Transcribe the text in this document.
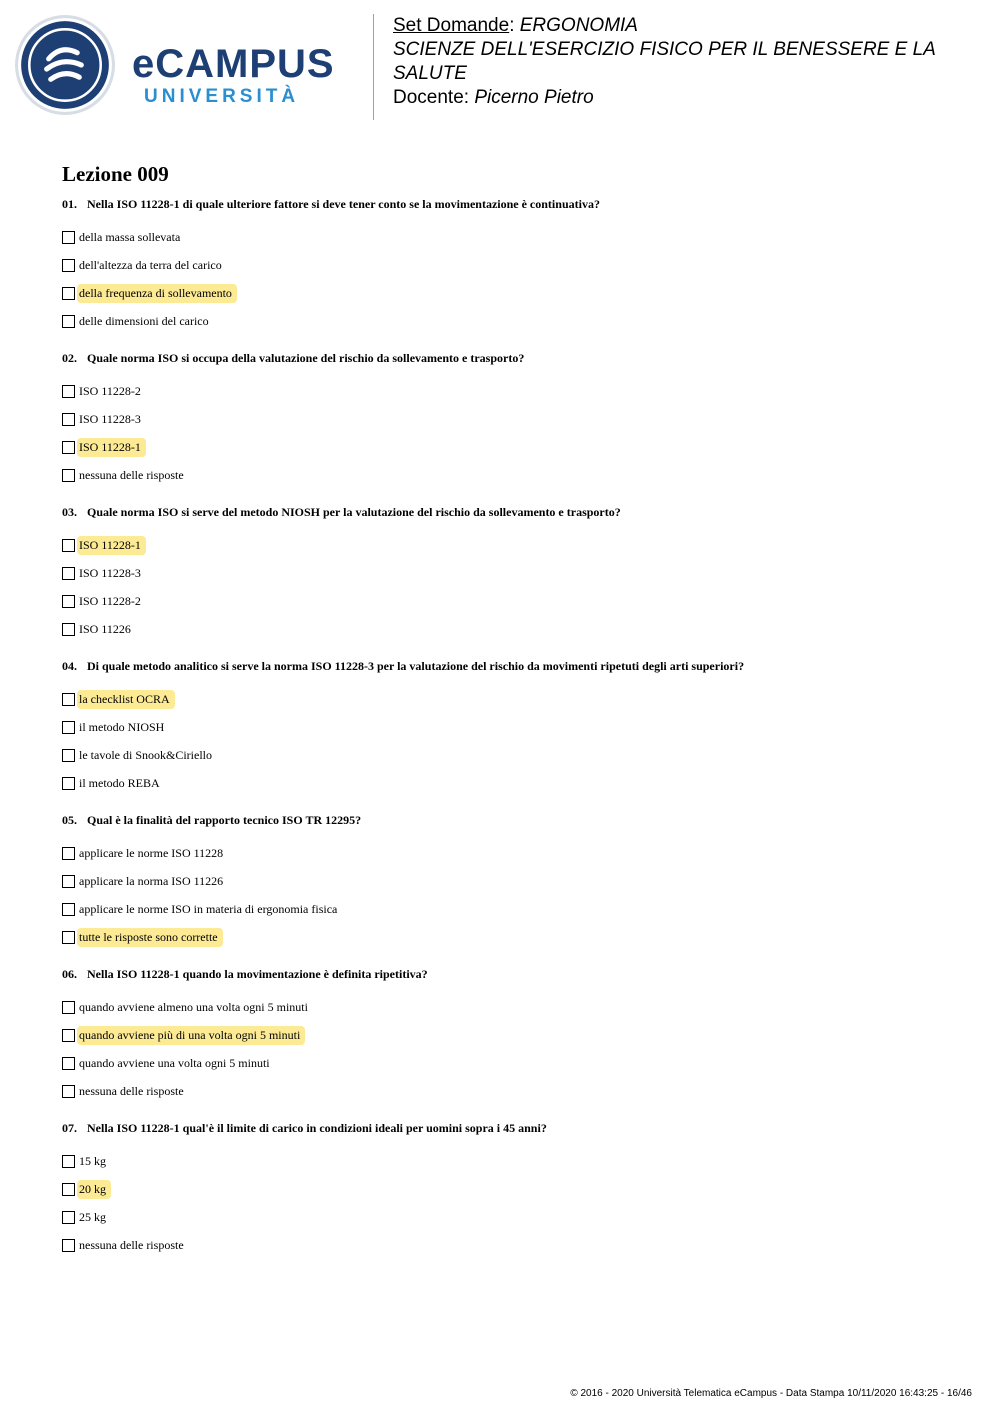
eCAMPUS
UNIVERSITÀ
Set Domande: ERGONOMIA
SCIENZE DELL'ESERCIZIO FISICO PER IL BENESSERE E LA SALUTE
Docente: Picerno Pietro
Lezione 009

01. Nella ISO 11228-1 di quale ulteriore fattore si deve tener conto se la movimentazione è continuativa?

della massa sollevata
dell'altezza da terra del carico
della frequenza di sollevamento
delle dimensioni del carico

02. Quale norma ISO si occupa della valutazione del rischio da sollevamento e trasporto?

ISO 11228-2
ISO 11228-3
ISO 11228-1
nessuna delle risposte

03. Quale norma ISO si serve del metodo NIOSH per la valutazione del rischio da sollevamento e trasporto?

ISO 11228-1
ISO 11228-3
ISO 11228-2
ISO 11226

04. Di quale metodo analitico si serve la norma ISO 11228-3 per la valutazione del rischio da movimenti ripetuti degli arti superiori?

la checklist OCRA
il metodo NIOSH
le tavole di Snook&Ciriello
il metodo REBA

05. Qual è la finalità del rapporto tecnico ISO TR 12295?

applicare le norme ISO 11228
applicare la norma ISO 11226
applicare le norme ISO in materia di ergonomia fisica
tutte le risposte sono corrette

06. Nella ISO 11228-1 quando la movimentazione è definita ripetitiva?

quando avviene almeno una volta ogni 5 minuti
quando avviene più di una volta ogni 5 minuti
quando avviene una volta ogni 5 minuti
nessuna delle risposte

07. Nella ISO 11228-1 qual'è il limite di carico in condizioni ideali per uomini sopra i 45 anni?

15 kg
20 kg
25 kg
nessuna delle risposte
© 2016 - 2020 Università Telematica eCampus - Data Stampa 10/11/2020 16:43:25 - 16/46
